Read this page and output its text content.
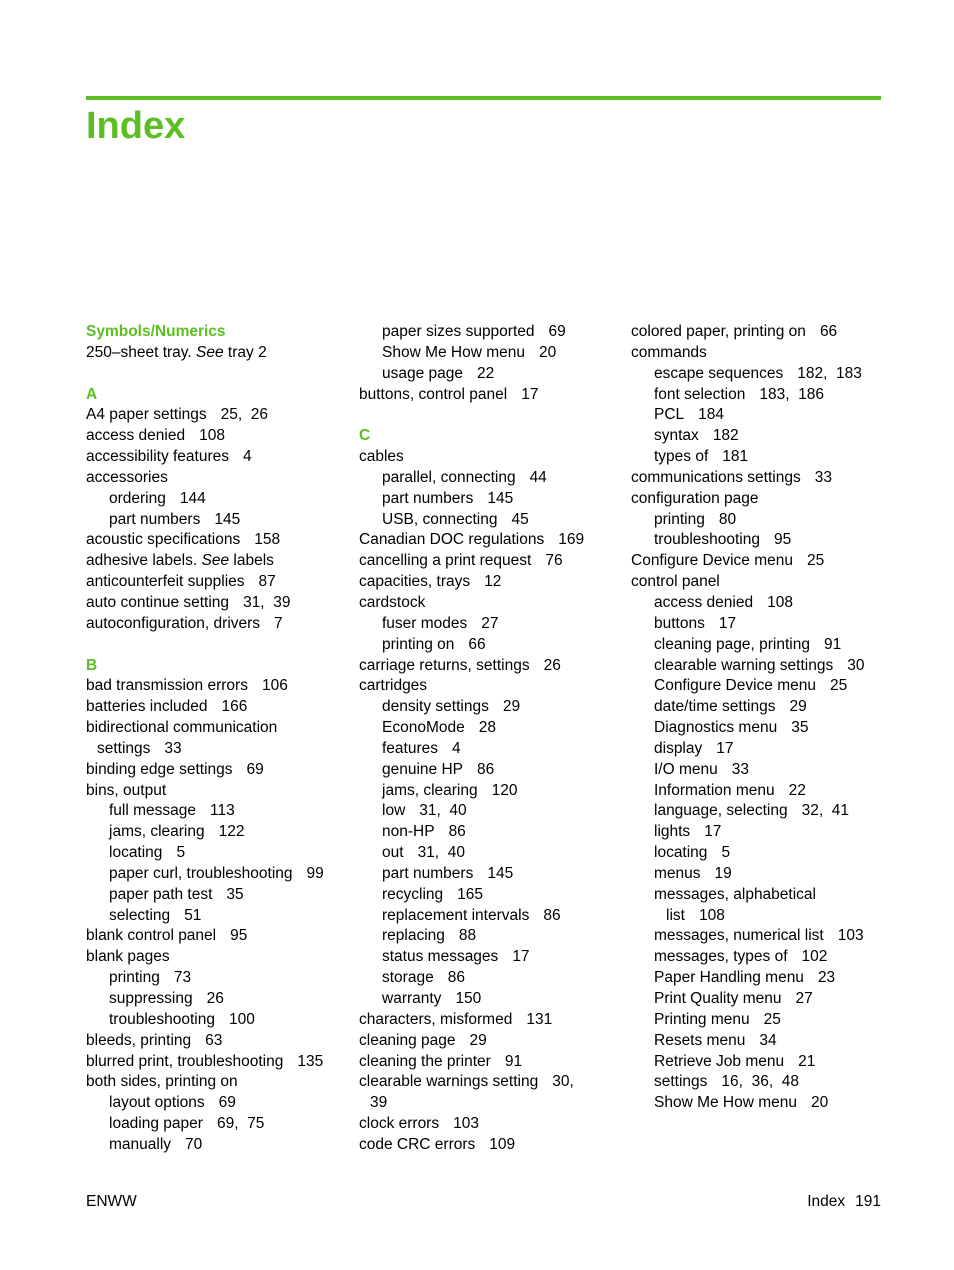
Index
Symbols/Numerics
250–sheet tray. See tray 2
A
A4 paper settings 25,  26
access denied 108
accessibility features 4
accessories
ordering 144
part numbers 145
acoustic specifications 158
adhesive labels. See labels
anticounterfeit supplies 87
auto continue setting 31,  39
autoconfiguration, drivers 7
B
bad transmission errors 106
batteries included 166
bidirectional communication
settings 33
binding edge settings 69
bins, output
full message 113
jams, clearing 122
locating 5
paper curl, troubleshooting 99
paper path test 35
selecting 51
blank control panel 95
blank pages
printing 73
suppressing 26
troubleshooting 100
bleeds, printing 63
blurred print, troubleshooting 135
both sides, printing on
layout options 69
loading paper 69,  75
manually 70
paper sizes supported 69
Show Me How menu 20
usage page 22
buttons, control panel 17
C
cables
parallel, connecting 44
part numbers 145
USB, connecting 45
Canadian DOC regulations 169
cancelling a print request 76
capacities, trays 12
cardstock
fuser modes 27
printing on 66
carriage returns, settings 26
cartridges
density settings 29
EconoMode 28
features 4
genuine HP 86
jams, clearing 120
low 31,  40
non-HP 86
out 31,  40
part numbers 145
recycling 165
replacement intervals 86
replacing 88
status messages 17
storage 86
warranty 150
characters, misformed 131
cleaning page 29
cleaning the printer 91
clearable warnings setting 30,
39
clock errors 103
code CRC errors 109
colored paper, printing on 66
commands
escape sequences 182,  183
font selection 183,  186
PCL 184
syntax 182
types of 181
communications settings 33
configuration page
printing 80
troubleshooting 95
Configure Device menu 25
control panel
access denied 108
buttons 17
cleaning page, printing 91
clearable warning settings 30
Configure Device menu 25
date/time settings 29
Diagnostics menu 35
display 17
I/O menu 33
Information menu 22
language, selecting 32,  41
lights 17
locating 5
menus 19
messages, alphabetical
list 108
messages, numerical list 103
messages, types of 102
Paper Handling menu 23
Print Quality menu 27
Printing menu 25
Resets menu 34
Retrieve Job menu 21
settings 16,  36,  48
Show Me How menu 20
ENWW	Index 191
